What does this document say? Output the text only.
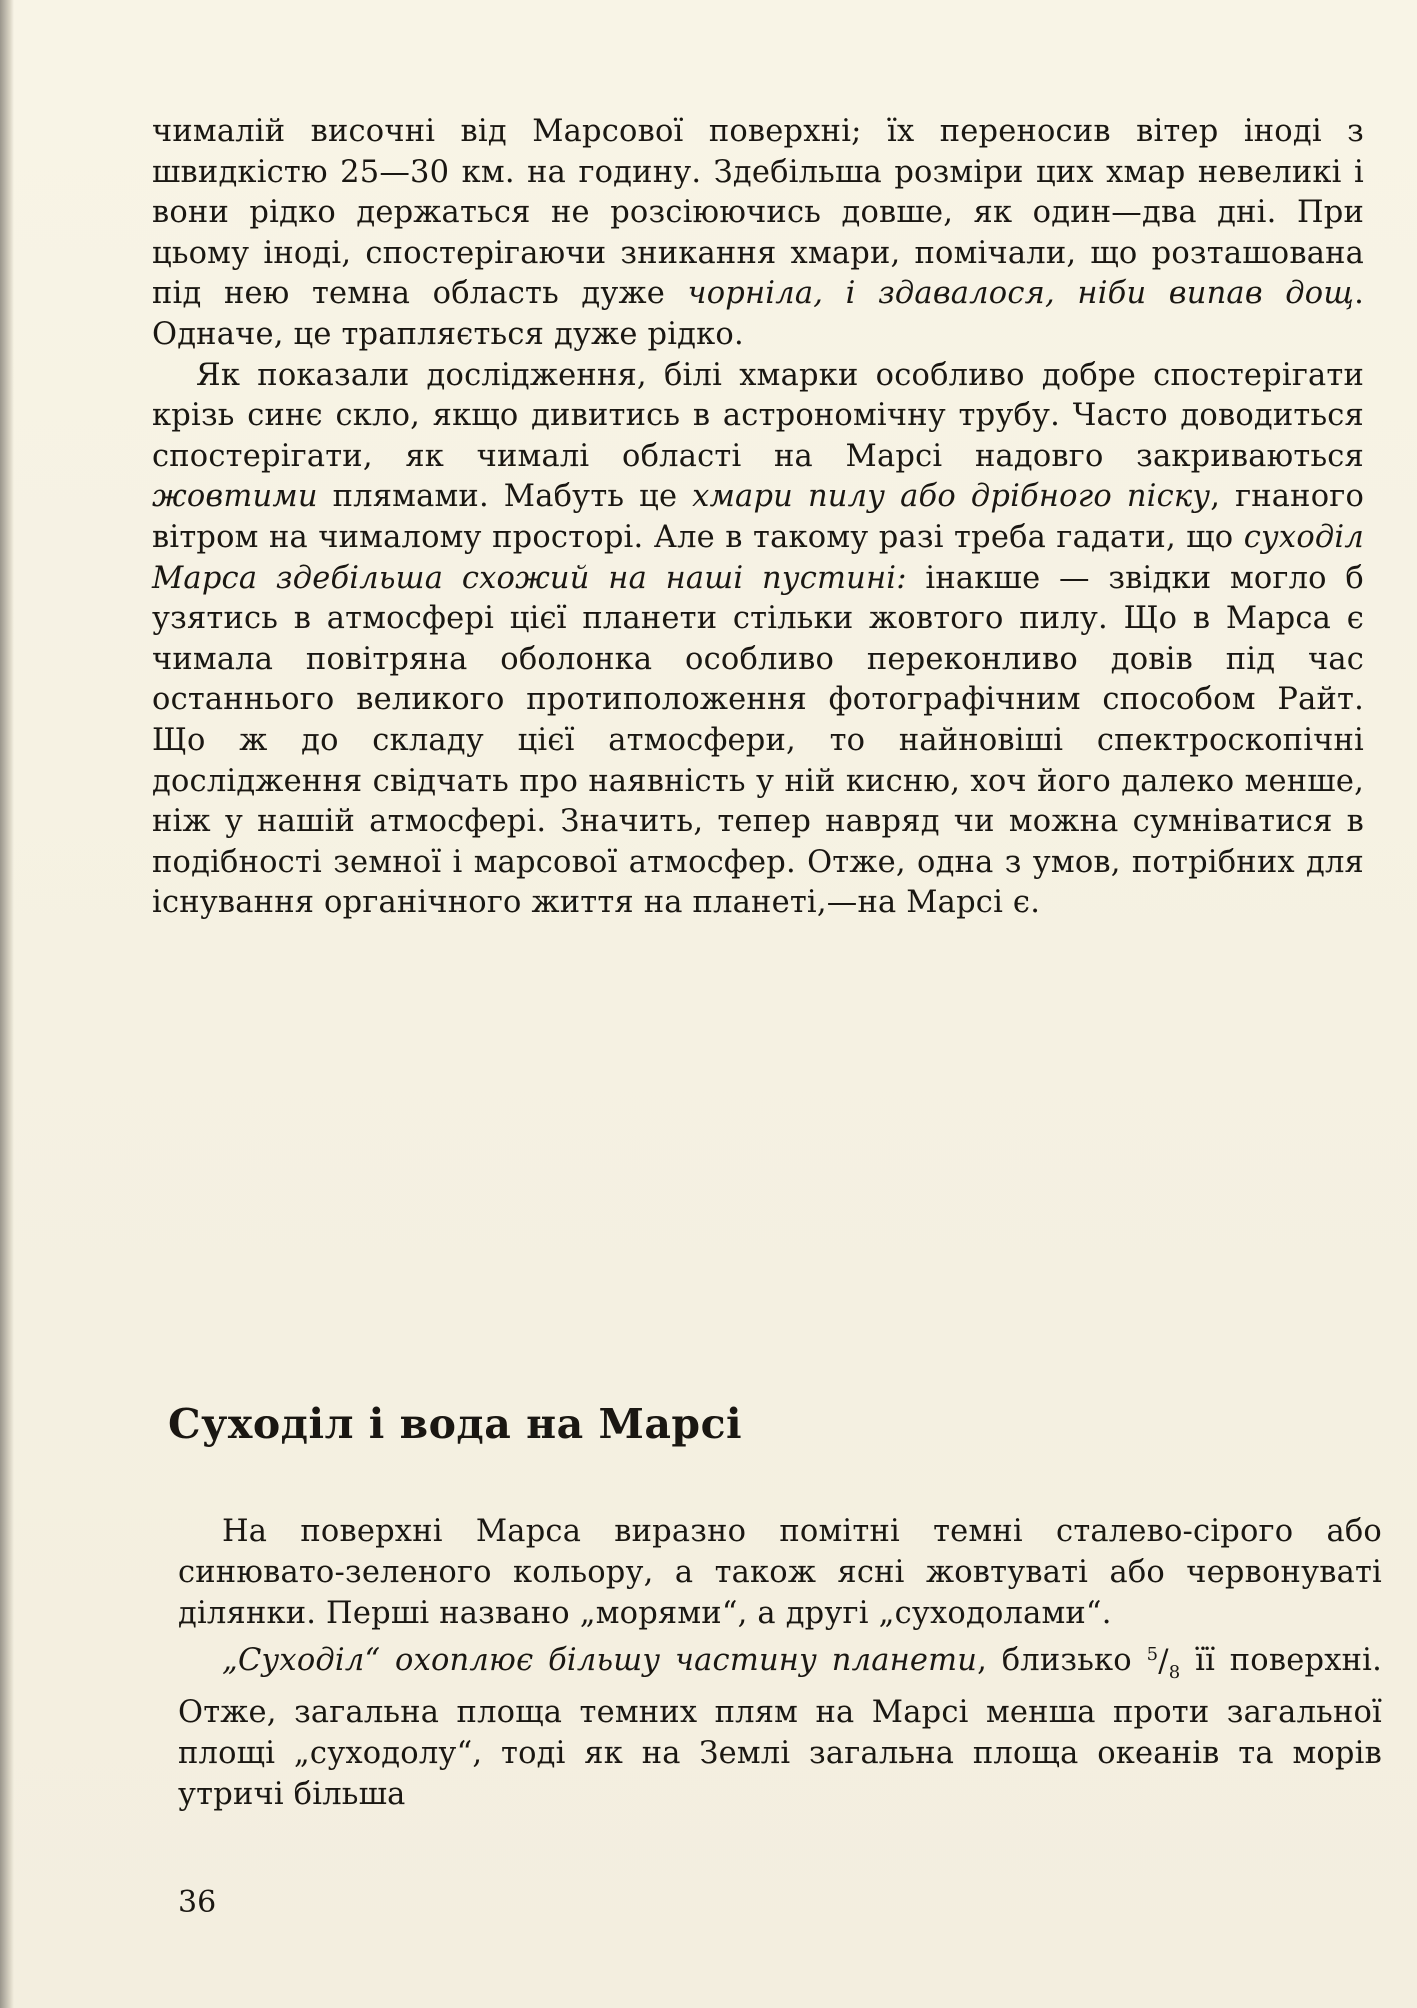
чималій височні від Марсової поверхні; їх переносив вітер іноді з швидкістю 25—30 км. на годину. Здебільша розміри цих хмар невеликі і вони рідко держаться не розсіюючись довше, як один—два дні. При цьому іноді, спостерігаючи зникання хмари, помічали, що розташована під нею темна область дуже чорніла, і здавалося, ніби випав дощ. Одначе, це трапляється дуже рідко.

Як показали дослідження, білі хмарки особливо добре спостерігати крізь синє скло, якщо дивитись в астрономічну трубу. Часто доводиться спостерігати, як чималі області на Марсі надовго закриваються жовтими плямами. Мабуть це хмари пилу або дрібного піску, гнаного вітром на чималому просторі. Але в такому разі треба гадати, що суходіл Марса здебільша схожий на наші пустині: інакше — звідки могло б узятись в атмосфері цієї планети стільки жовтого пилу. Що в Марса є чимала повітряна оболонка особливо переконливо довів під час останнього великого протиположення фотографічним способом Райт. Що ж до складу цієї атмосфери, то найновіші спектроскопічні дослідження свідчать про наявність у ній кисню, хоч його далеко менше, ніж у нашій атмосфері. Значить, тепер навряд чи можна сумніватися в подібності земної і марсової атмосфер. Отже, одна з умов, потрібних для існування органічного життя на планеті,—на Марсі є.

Суходіл і вода на Марсі

На поверхні Марса виразно помітні темні сталево-сірого або синювато-зеленого кольору, а також ясні жовтуваті або червонуваті ділянки. Перші названо „морями“, а другі „суходолами“.

„Суходіл“ охоплює більшу частину планети, близько $^5/_8$ її поверхні. Отже, загальна площа темних плям на Марсі менша проти загальної площі „суходолу“, тоді як на Землі загальна площа океанів та морів утричі більша

36
